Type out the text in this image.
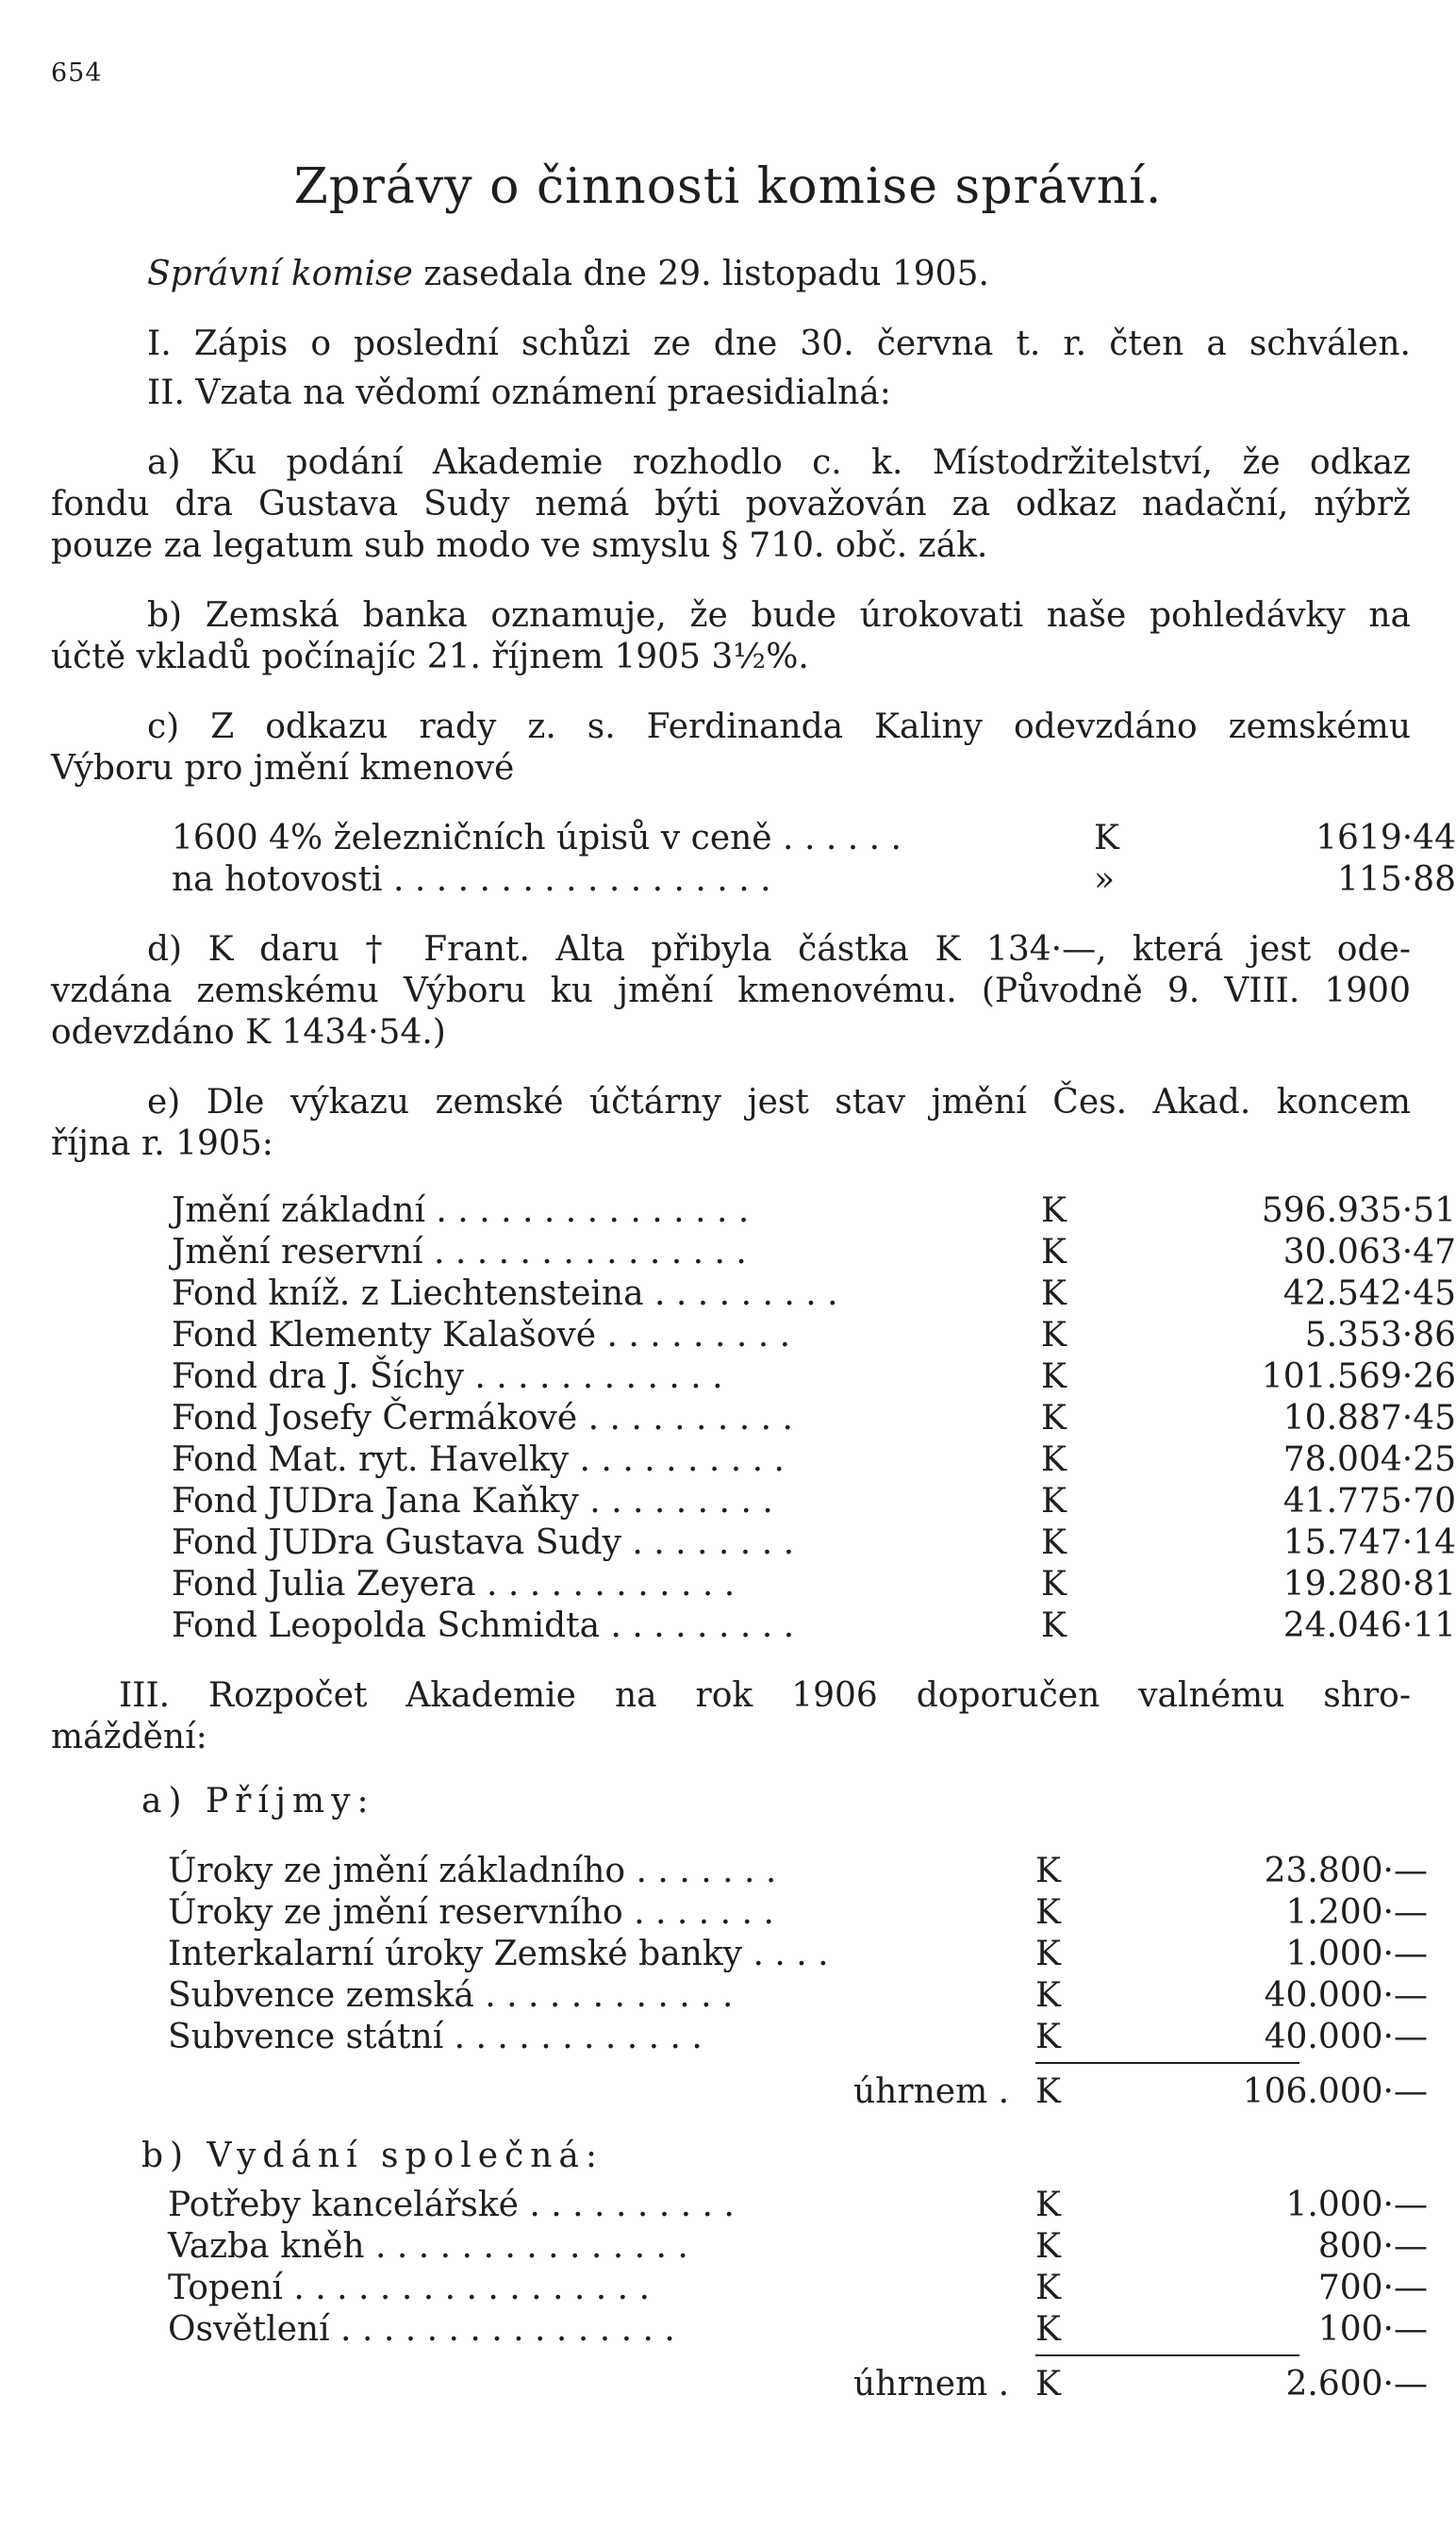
654
Zprávy o činnosti komise správní.
Správní komise zasedala dne 29. listopadu 1905.
I. Zápis o poslední schůzi ze dne 30. června t. r. čten a schválen.
II. Vzata na vědomí oznámení praesidialná:
a) Ku podání Akademie rozhodlo c. k. Místodržitelství, že odkaz
fondu dra Gustava Sudy nemá býti považován za odkaz nadační, nýbrž
pouze za legatum sub modo ve smyslu § 710. obč. zák.
b) Zemská banka oznamuje, že bude úrokovati naše pohledávky na
účtě vkladů počínajíc 21. říjnem 1905 3½%.
c) Z odkazu rady z. s. Ferdinanda Kaliny odevzdáno zemskému
Výboru pro jmění kmenové
1600 4% železničních úpisů v ceně . . . . . .	K	1619·44
na hotovosti . . . . . . . . . . . . . . . . . .	»	115·88
d) K daru † Frant. Alta přibyla částka K 134·—, která jest ode-
vzdána zemskému Výboru ku jmění kmenovému. (Původně 9. VIII. 1900
odevzdáno K 1434·54.)
e) Dle výkazu zemské účtárny jest stav jmění Čes. Akad. koncem
října r. 1905:
Jmění základní . . . . . . . . . . . . . . .	K	596.935·51
Jmění reservní . . . . . . . . . . . . . . .	K	30.063·47
Fond kníž. z Liechtensteina . . . . . . . . .	K	42.542·45
Fond Klementy Kalašové . . . . . . . . .	K	5.353·86
Fond dra J. Šíchy . . . . . . . . . . . .	K	101.569·26
Fond Josefy Čermákové . . . . . . . . . .	K	10.887·45
Fond Mat. ryt. Havelky . . . . . . . . . .	K	78.004·25
Fond JUDra Jana Kaňky . . . . . . . . .	K	41.775·70
Fond JUDra Gustava Sudy . . . . . . . .	K	15.747·14
Fond Julia Zeyera . . . . . . . . . . . .	K	19.280·81
Fond Leopolda Schmidta . . . . . . . . .	K	24.046·11
III. Rozpočet Akademie na rok 1906 doporučen valnému shro-
máždění:
a) Příjmy:
Úroky ze jmění základního . . . . . . .	K	23.800·—
Úroky ze jmění reservního . . . . . . .	K	1.200·—
Interkalarní úroky Zemské banky . . . .	K	1.000·—
Subvence zemská . . . . . . . . . . . .	K	40.000·—
Subvence státní . . . . . . . . . . . .	K	40.000·—
úhrnem . K	106.000·—
b) Vydání společná:
Potřeby kancelářské . . . . . . . . . .	K	1.000·—
Vazba kněh . . . . . . . . . . . . . . .	K	800·—
Topení . . . . . . . . . . . . . . . . .	K	700·—
Osvětlení . . . . . . . . . . . . . . . .	K	100·—
úhrnem . K	2.600·—
